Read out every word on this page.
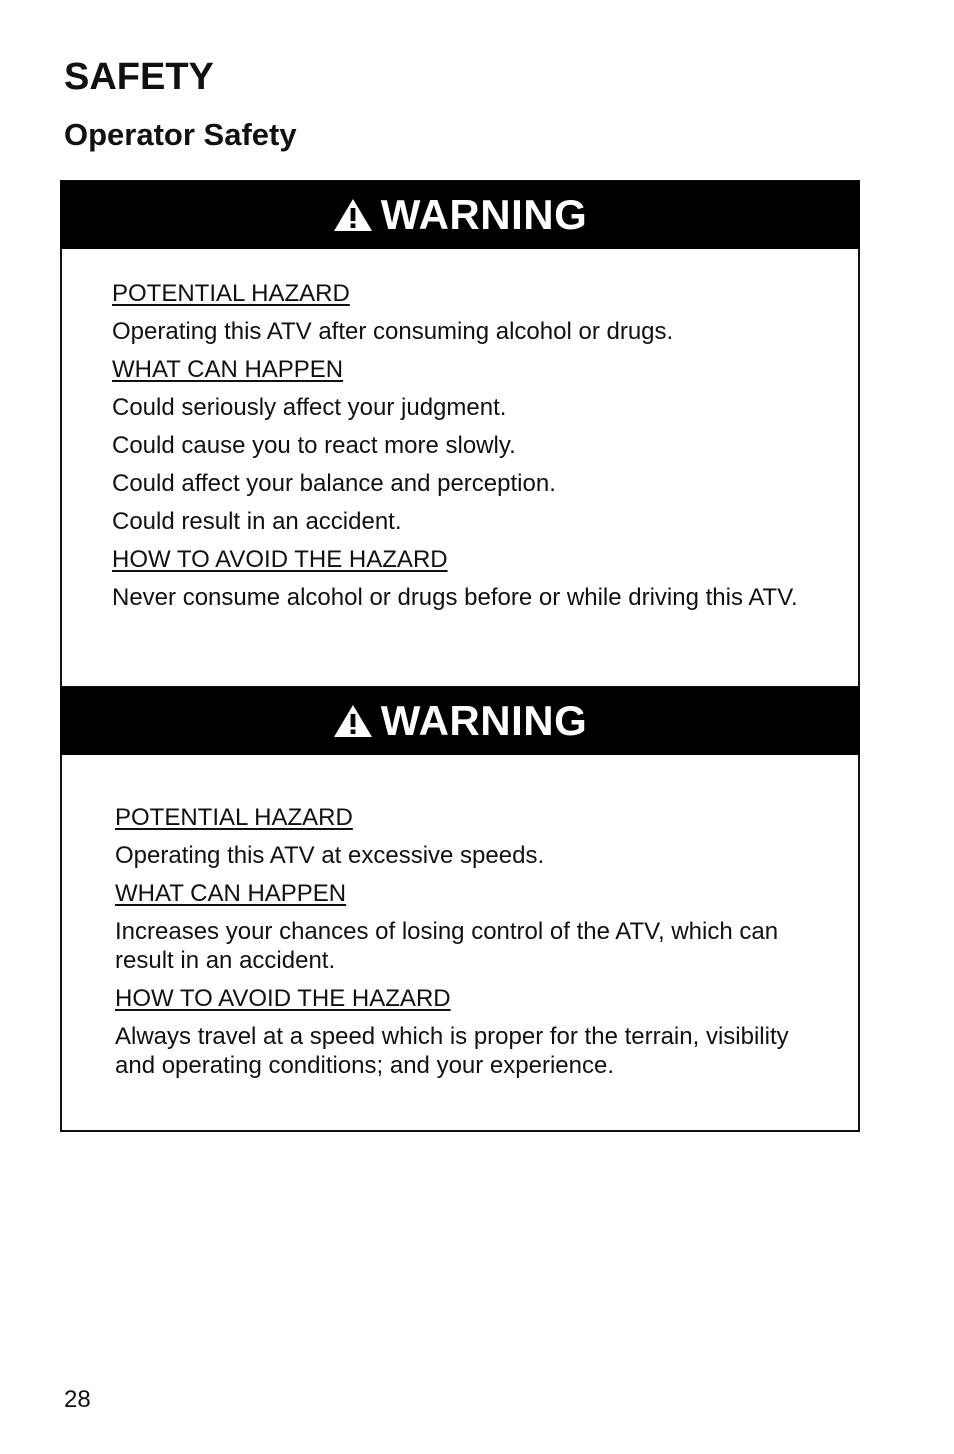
SAFETY
Operator Safety
WARNING

POTENTIAL HAZARD

Operating this ATV after consuming alcohol or drugs.

WHAT CAN HAPPEN

Could seriously affect your judgment.

Could cause you to react more slowly.

Could affect your balance and perception.

Could result in an accident.

HOW TO AVOID THE HAZARD

Never consume alcohol or drugs before or while driving this ATV.

WARNING

POTENTIAL HAZARD

Operating this ATV at excessive speeds.

WHAT CAN HAPPEN

Increases your chances of losing control of the ATV, which can result in an accident.

HOW TO AVOID THE HAZARD

Always travel at a speed which is proper for the terrain, visibility and operating conditions; and your experience.

28
